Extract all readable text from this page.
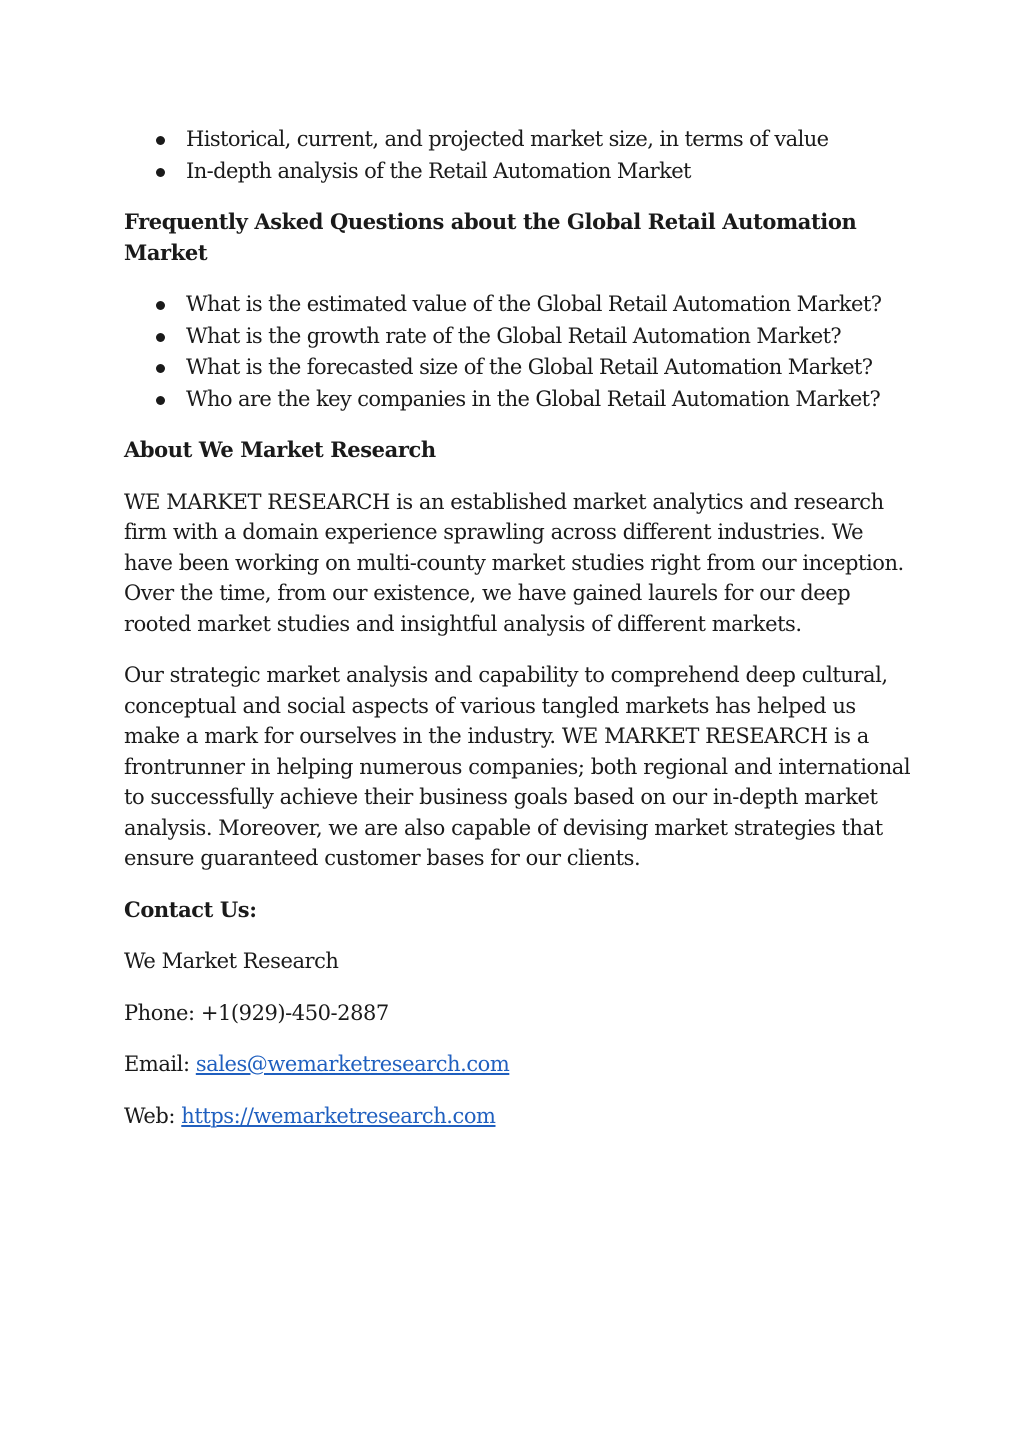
Historical, current, and projected market size, in terms of value
In-depth analysis of the Retail Automation Market
Frequently Asked Questions about the Global Retail Automation Market
What is the estimated value of the Global Retail Automation Market?
What is the growth rate of the Global Retail Automation Market?
What is the forecasted size of the Global Retail Automation Market?
Who are the key companies in the Global Retail Automation Market?
About We Market Research

WE MARKET RESEARCH is an established market analytics and research firm with a domain experience sprawling across different industries. We have been working on multi-county market studies right from our inception. Over the time, from our existence, we have gained laurels for our deep rooted market studies and insightful analysis of different markets.

Our strategic market analysis and capability to comprehend deep cultural, conceptual and social aspects of various tangled markets has helped us make a mark for ourselves in the industry. WE MARKET RESEARCH is a frontrunner in helping numerous companies; both regional and international to successfully achieve their business goals based on our in-depth market analysis. Moreover, we are also capable of devising market strategies that ensure guaranteed customer bases for our clients.

Contact Us:

We Market Research

Phone: +1(929)-450-2887

Email: sales@wemarketresearch.com

Web: https://wemarketresearch.com
